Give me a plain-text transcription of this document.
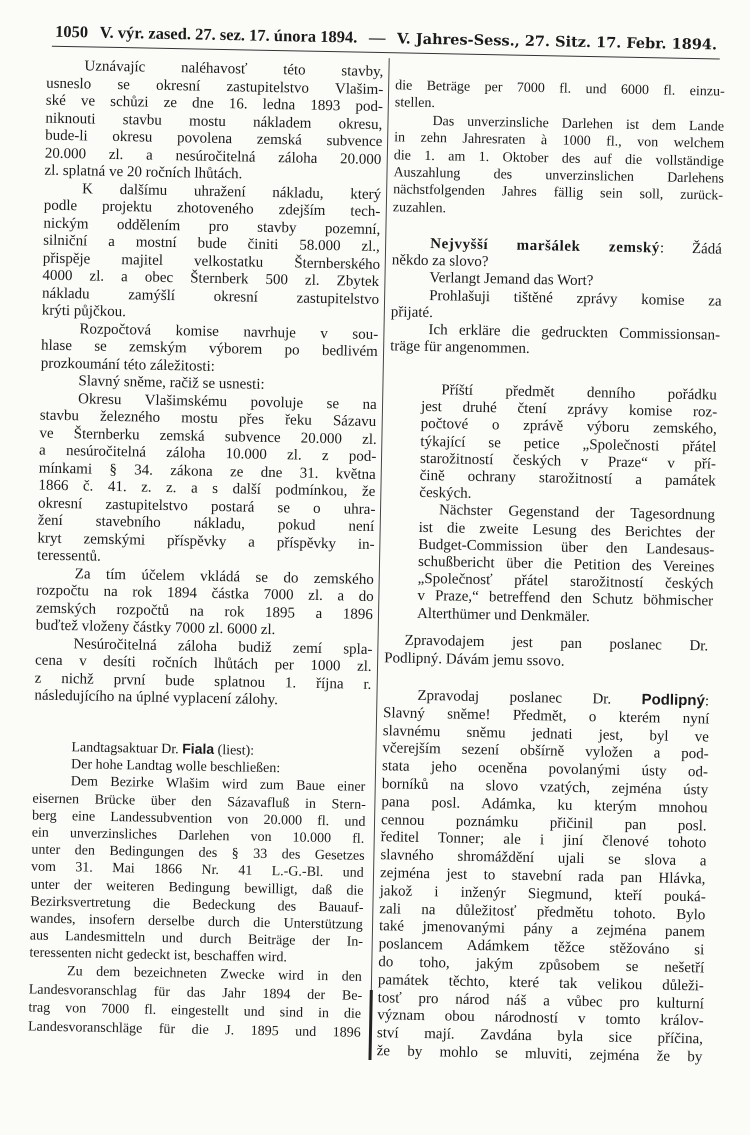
1050 V. výr. zased. 27. sez. 17. února 1894. — V. Jahres-Sess., 27. Sitz. 17. Febr. 1894.
Uznávajíc naléhavosť této stavby,
usneslo se okresní zastupitelstvo Vlašim-
ské ve schůzi ze dne 16. ledna 1893 pod-
niknouti stavbu mostu nákladem okresu,
bude-li okresu povolena zemská subvence
20.000 zl. a nesúročitelná záloha 20.000
zl. splatná ve 20 ročních lhůtách.
K dalšímu uhražení nákladu, který
podle projektu zhotoveného zdejším tech-
nickým oddělením pro stavby pozemní,
silniční a mostní bude činiti 58.000 zl.,
přispěje majitel velkostatku Šternberského
4000 zl. a obec Šternberk 500 zl. Zbytek
nákladu zamýšlí okresní zastupitelstvo
krýti půjčkou.
Rozpočtová komise navrhuje v sou-
hlase se zemským výborem po bedlivém
prozkoumání této záležitosti:
Slavný sněme, račiž se usnesti:
Okresu Vlašimskému povoluje se na
stavbu železného mostu přes řeku Sázavu
ve Šternberku zemská subvence 20.000 zl.
a nesúročitelná záloha 10.000 zl. z pod-
mínkami § 34. zákona ze dne 31. května
1866 č. 41. z. z. a s další podmínkou, že
okresní zastupitelstvo postará se o uhra-
žení stavebního nákladu, pokud není
kryt zemskými příspěvky a příspěvky in-
teressentů.
Za tím účelem vkládá se do zemského
rozpočtu na rok 1894 částka 7000 zl. a do
zemských rozpočtů na rok 1895 a 1896
buďtež vloženy částky 7000 zl. 6000 zl.
Nesúročitelná záloha budiž zemí spla-
cena v desíti ročních lhůtách per 1000 zl.
z nichž první bude splatnou 1. října r.
následujícího na úplné vyplacení zálohy.
Landtagsaktuar Dr. Fiala (liest):
Der hohe Landtag wolle beschließen:
Dem Bezirke Wlašim wird zum Baue einer
eisernen Brücke über den Sázavafluß in Stern-
berg eine Landessubvention von 20.000 fl. und
ein unverzinsliches Darlehen von 10.000 fl.
unter den Bedingungen des § 33 des Gesetzes
vom 31. Mai 1866 Nr. 41 L.-G.-Bl. und
unter der weiteren Bedingung bewilligt, daß die
Bezirksvertretung die Bedeckung des Bauauf-
wandes, insofern derselbe durch die Unterstützung
aus Landesmitteln und durch Beiträge der In-
teressenten nicht gedeckt ist, beschaffen wird.
Zu dem bezeichneten Zwecke wird in den
Landesvoranschlag für das Jahr 1894 der Be-
trag von 7000 fl. eingestellt und sind in die
Landesvoranschläge für die J. 1895 und 1896
die Beträge per 7000 fl. und 6000 fl. einzu-
stellen.
Das unverzinsliche Darlehen ist dem Lande
in zehn Jahresraten à 1000 fl., von welchem
die 1. am 1. Oktober des auf die vollständige
Auszahlung des unverzinslichen Darlehens
nächstfolgenden Jahres fällig sein soll, zurück-
zuzahlen.
Nejvyšší maršálek zemský: Žádá
někdo za slovo?
Verlangt Jemand das Wort?
Prohlašuji tištěné zprávy komise za
přijaté.
Ich erkläre die gedruckten Commissionsan-
träge für angenommen.
Příští předmět denního pořádku
jest druhé čtení zprávy komise roz-
počtové o zprávě výboru zemského,
týkající se petice „Společnosti přátel
starožitností českých v Praze“ v pří-
čině ochrany starožitností a památek
českých.
Nächster Gegenstand der Tagesordnung
ist die zweite Lesung des Berichtes der
Budget-Commission über den Landesaus-
schußbericht über die Petition des Vereines
„Společnosť přátel starožitností českých
v Praze,“ betreffend den Schutz böhmischer
Alterthümer und Denkmäler.
Zpravodajem jest pan poslanec Dr.
Podlipný. Dávám jemu ssovo.
Zpravodaj poslanec Dr. Podlipný:
Slavný sněme! Předmět, o kterém nyní
slavnému sněmu jednati jest, byl ve
včerejším sezení obšírně vyložen a pod-
stata jeho oceněna povolanými ústy od-
borníků na slovo vzatých, zejména ústy
pana posl. Adámka, ku kterým mnohou
cennou poznámku přičinil pan posl.
ředitel Tonner; ale i jiní členové tohoto
slavného shromáždění ujali se slova a
zejména jest to stavební rada pan Hlávka,
jakož i inženýr Siegmund, kteří pouká-
zali na důležitosť předmětu tohoto. Bylo
také jmenovanými pány a zejména panem
poslancem Adámkem těžce stěžováno si
do toho, jakým způsobem se nešetří
památek těchto, které tak velikou důleži-
tosť pro národ náš a vůbec pro kulturní
význam obou národností v tomto králov-
ství mají. Zavdána byla sice příčina,
že by mohlo se mluviti, zejména že by
